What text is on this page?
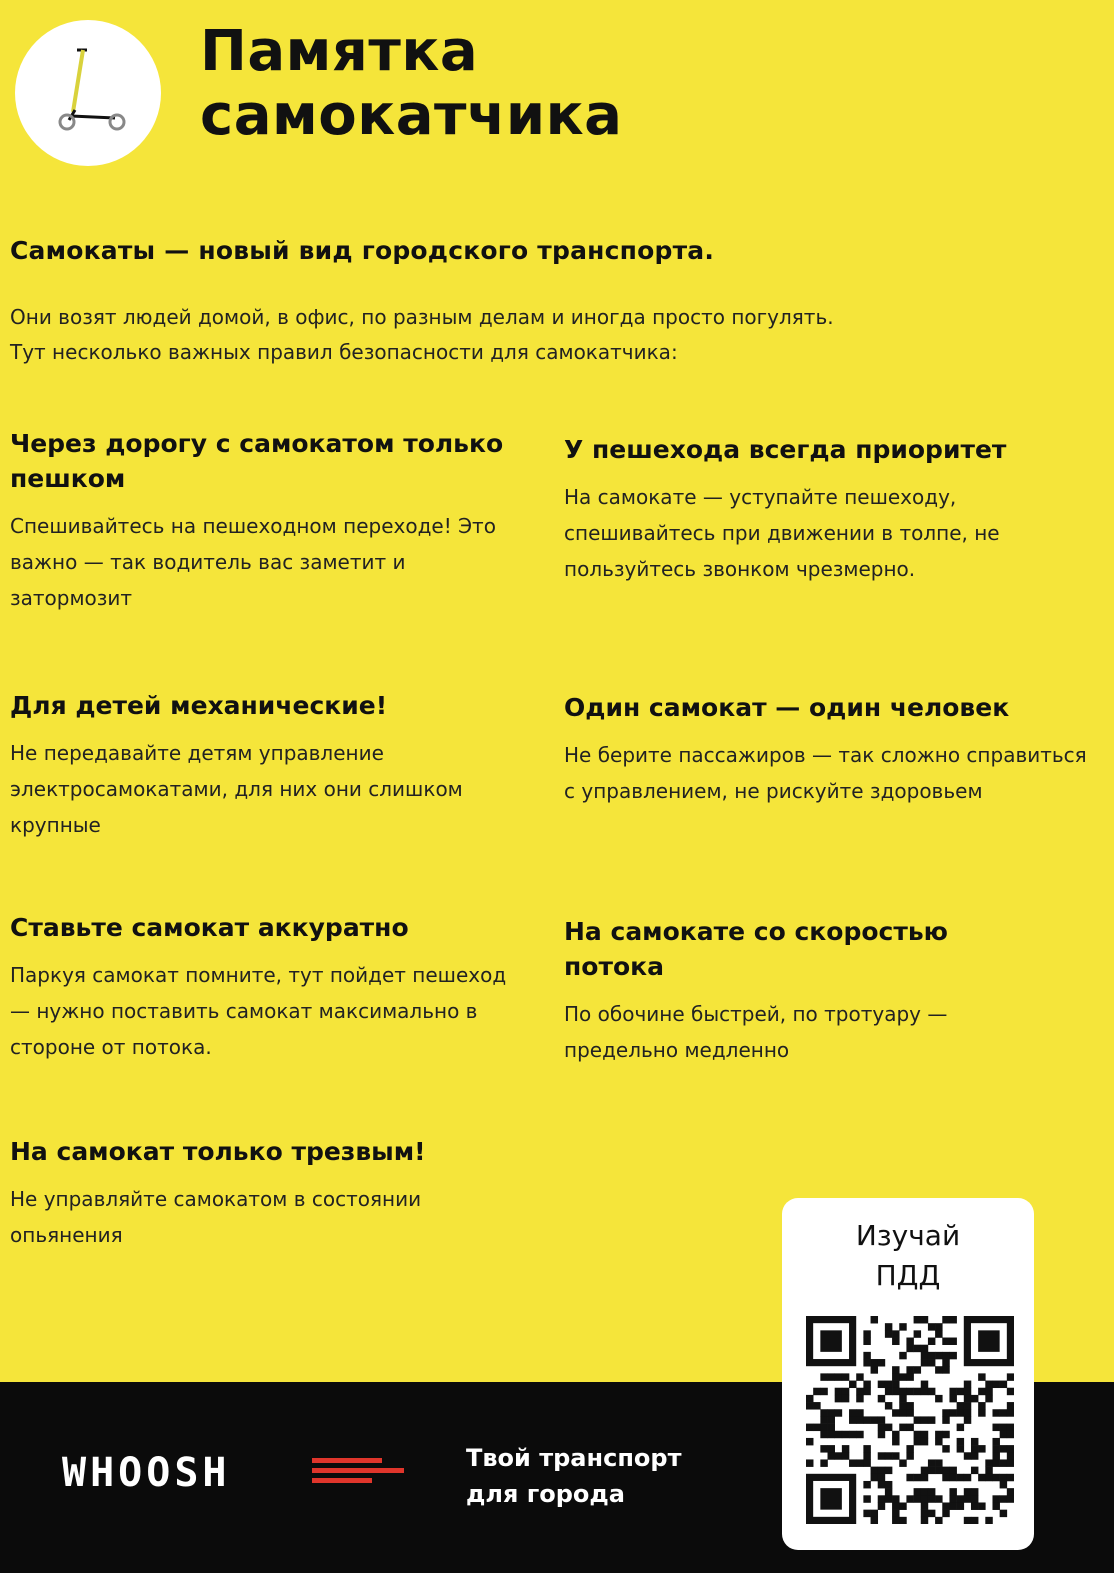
Памятка
самокатчика
Самокаты — новый вид городского транспорта.
Они возят людей домой, в офис, по разным делам и иногда просто погулять.
Тут несколько важных правил безопасности для самокатчика:
Через дорогу с самокатом только пешком

Спешивайтесь на пешеходном переходе! Это важно — так водитель вас заметит и затормозит

У пешехода всегда приоритет

На самокате — уступайте пешеходу, спешивайтесь при движении в толпе, не пользуйтесь звонком чрезмерно.

Для детей механические!

Не передавайте детям управление электросамокатами, для них они слишком крупные

Один самокат — один человек

Не берите пассажиров — так сложно справиться с управлением, не рискуйте здоровьем

Ставьте самокат аккуратно

Паркуя самокат помните, тут пойдет пешеход — нужно поставить самокат максимально в стороне от потока.

На самокате со скоростью потока

По обочине быстрей, по тротуару — предельно медленно

На самокат только трезвым!

Не управляйте самокатом в состоянии опьянения

WHOOSH	Твой транспорт
для города
Изучай
ПДД
